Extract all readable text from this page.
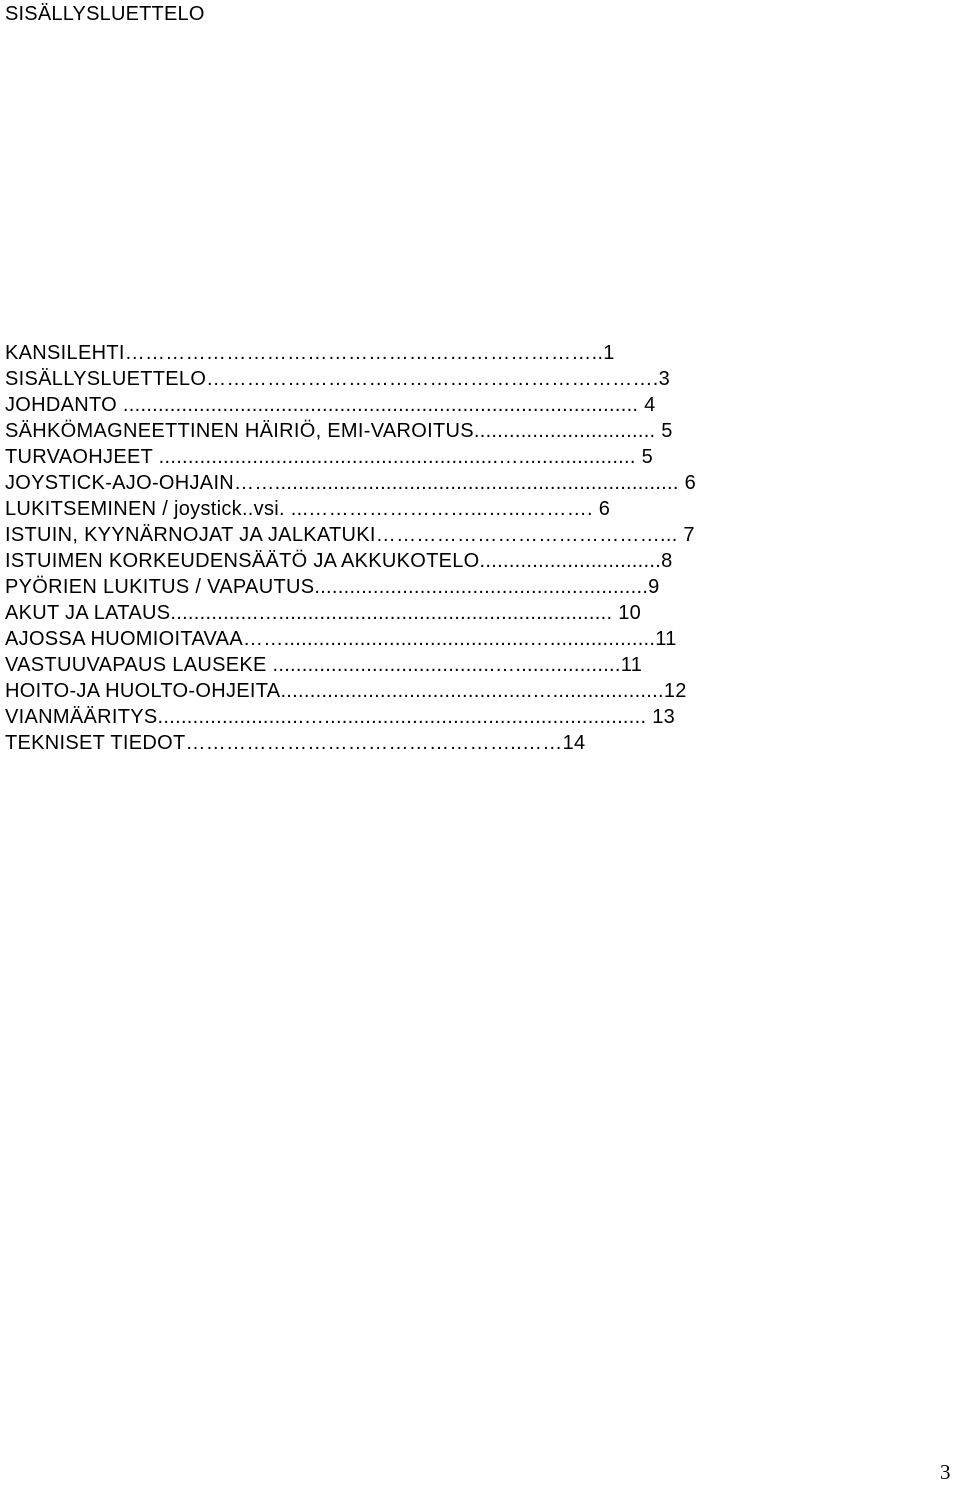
SISÄLLYSLUETTELO
KANSILEHTI……………………………………………………………..1
SISÄLLYSLUETTELO………………………………………………………….3
JOHDANTO ........................................................................................ 4
SÄHKÖMAGNEETTINEN HÄIRIÖ, EMI-VAROITUS............................... 5
TURVAOHJEET ..........................................................….................... 5
JOYSTICK-AJO-OHJAIN……..................................................................... 6
LUKITSEMINEN / joystick..vsi. ...……………………...…...………. 6
ISTUIN, KYYNÄRNOJAT JA JALKATUKI……………………………………... 7
ISTUIMEN KORKEUDENSÄÄTÖ JA AKKUKOTELO...............................8
PYÖRIEN LUKITUS / VAPAUTUS.........................................................9
AKUT JA LATAUS...............…......................................................... 10
AJOSSA HUOMIOITAVAA……..........................................…..................11
VASTUUVAPAUS LAUSEKE ......................................…..................11
HOITO-JA HUOLTO-OHJEITA...........................................…...................12
VIANMÄÄRITYS.........................…....................................................... 13
TEKNISET TIEDOT…………………………………………..……14
3
